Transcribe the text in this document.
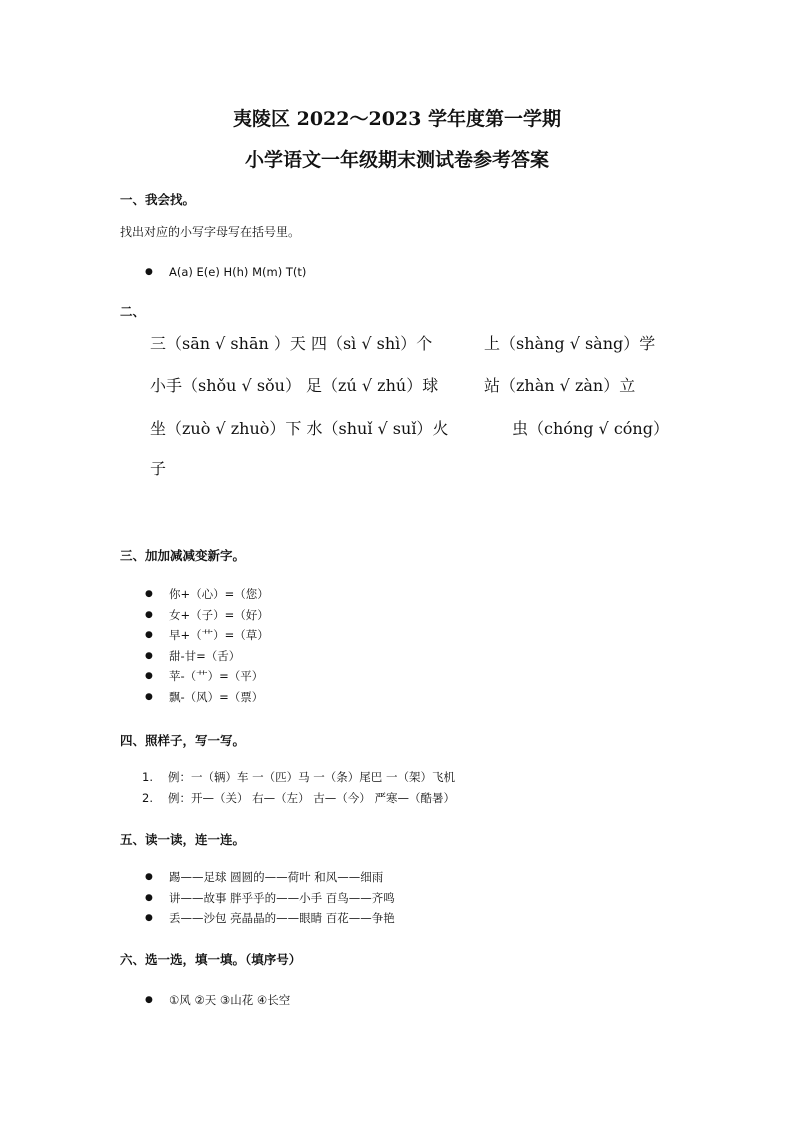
夷陵区 2022～2023 学年度第一学期
小学语文一年级期末测试卷参考答案
一、我会找。
找出对应的小写字母写在括号里。
● A(a) E(e) H(h) M(m) T(t)
二、
三（sān √ shān ）天 四（sì √ shì）个	上（shàng √ sàng）学
小手（shǒu √ sǒu） 足（zú √ zhú）球	站（zhàn √ zàn）立
坐（zuò √ zhuò）下 水（shuǐ √ suǐ）火	虫（chóng √ cóng）
子
三、加加减减变新字。
● 你+（心）=（您）
● 女+（子）=（好）
● 早+（艹）=（草）
● 甜-甘=（舌）
● 苹-（艹）=（平）
● 飘-（风）=（票）
四、照样子，写一写。
1. 例：一（辆）车 一（匹）马 一（条）尾巴 一（架）飞机
2. 例：开—（关） 右—（左） 古—（今） 严寒—（酷暑）
五、读一读，连一连。
● 踢——足球 圆圆的——荷叶 和风——细雨
● 讲——故事 胖乎乎的——小手 百鸟——齐鸣
● 丢——沙包 亮晶晶的——眼睛 百花——争艳
六、选一选，填一填。（填序号）
● ①风 ②天 ③山花 ④长空
